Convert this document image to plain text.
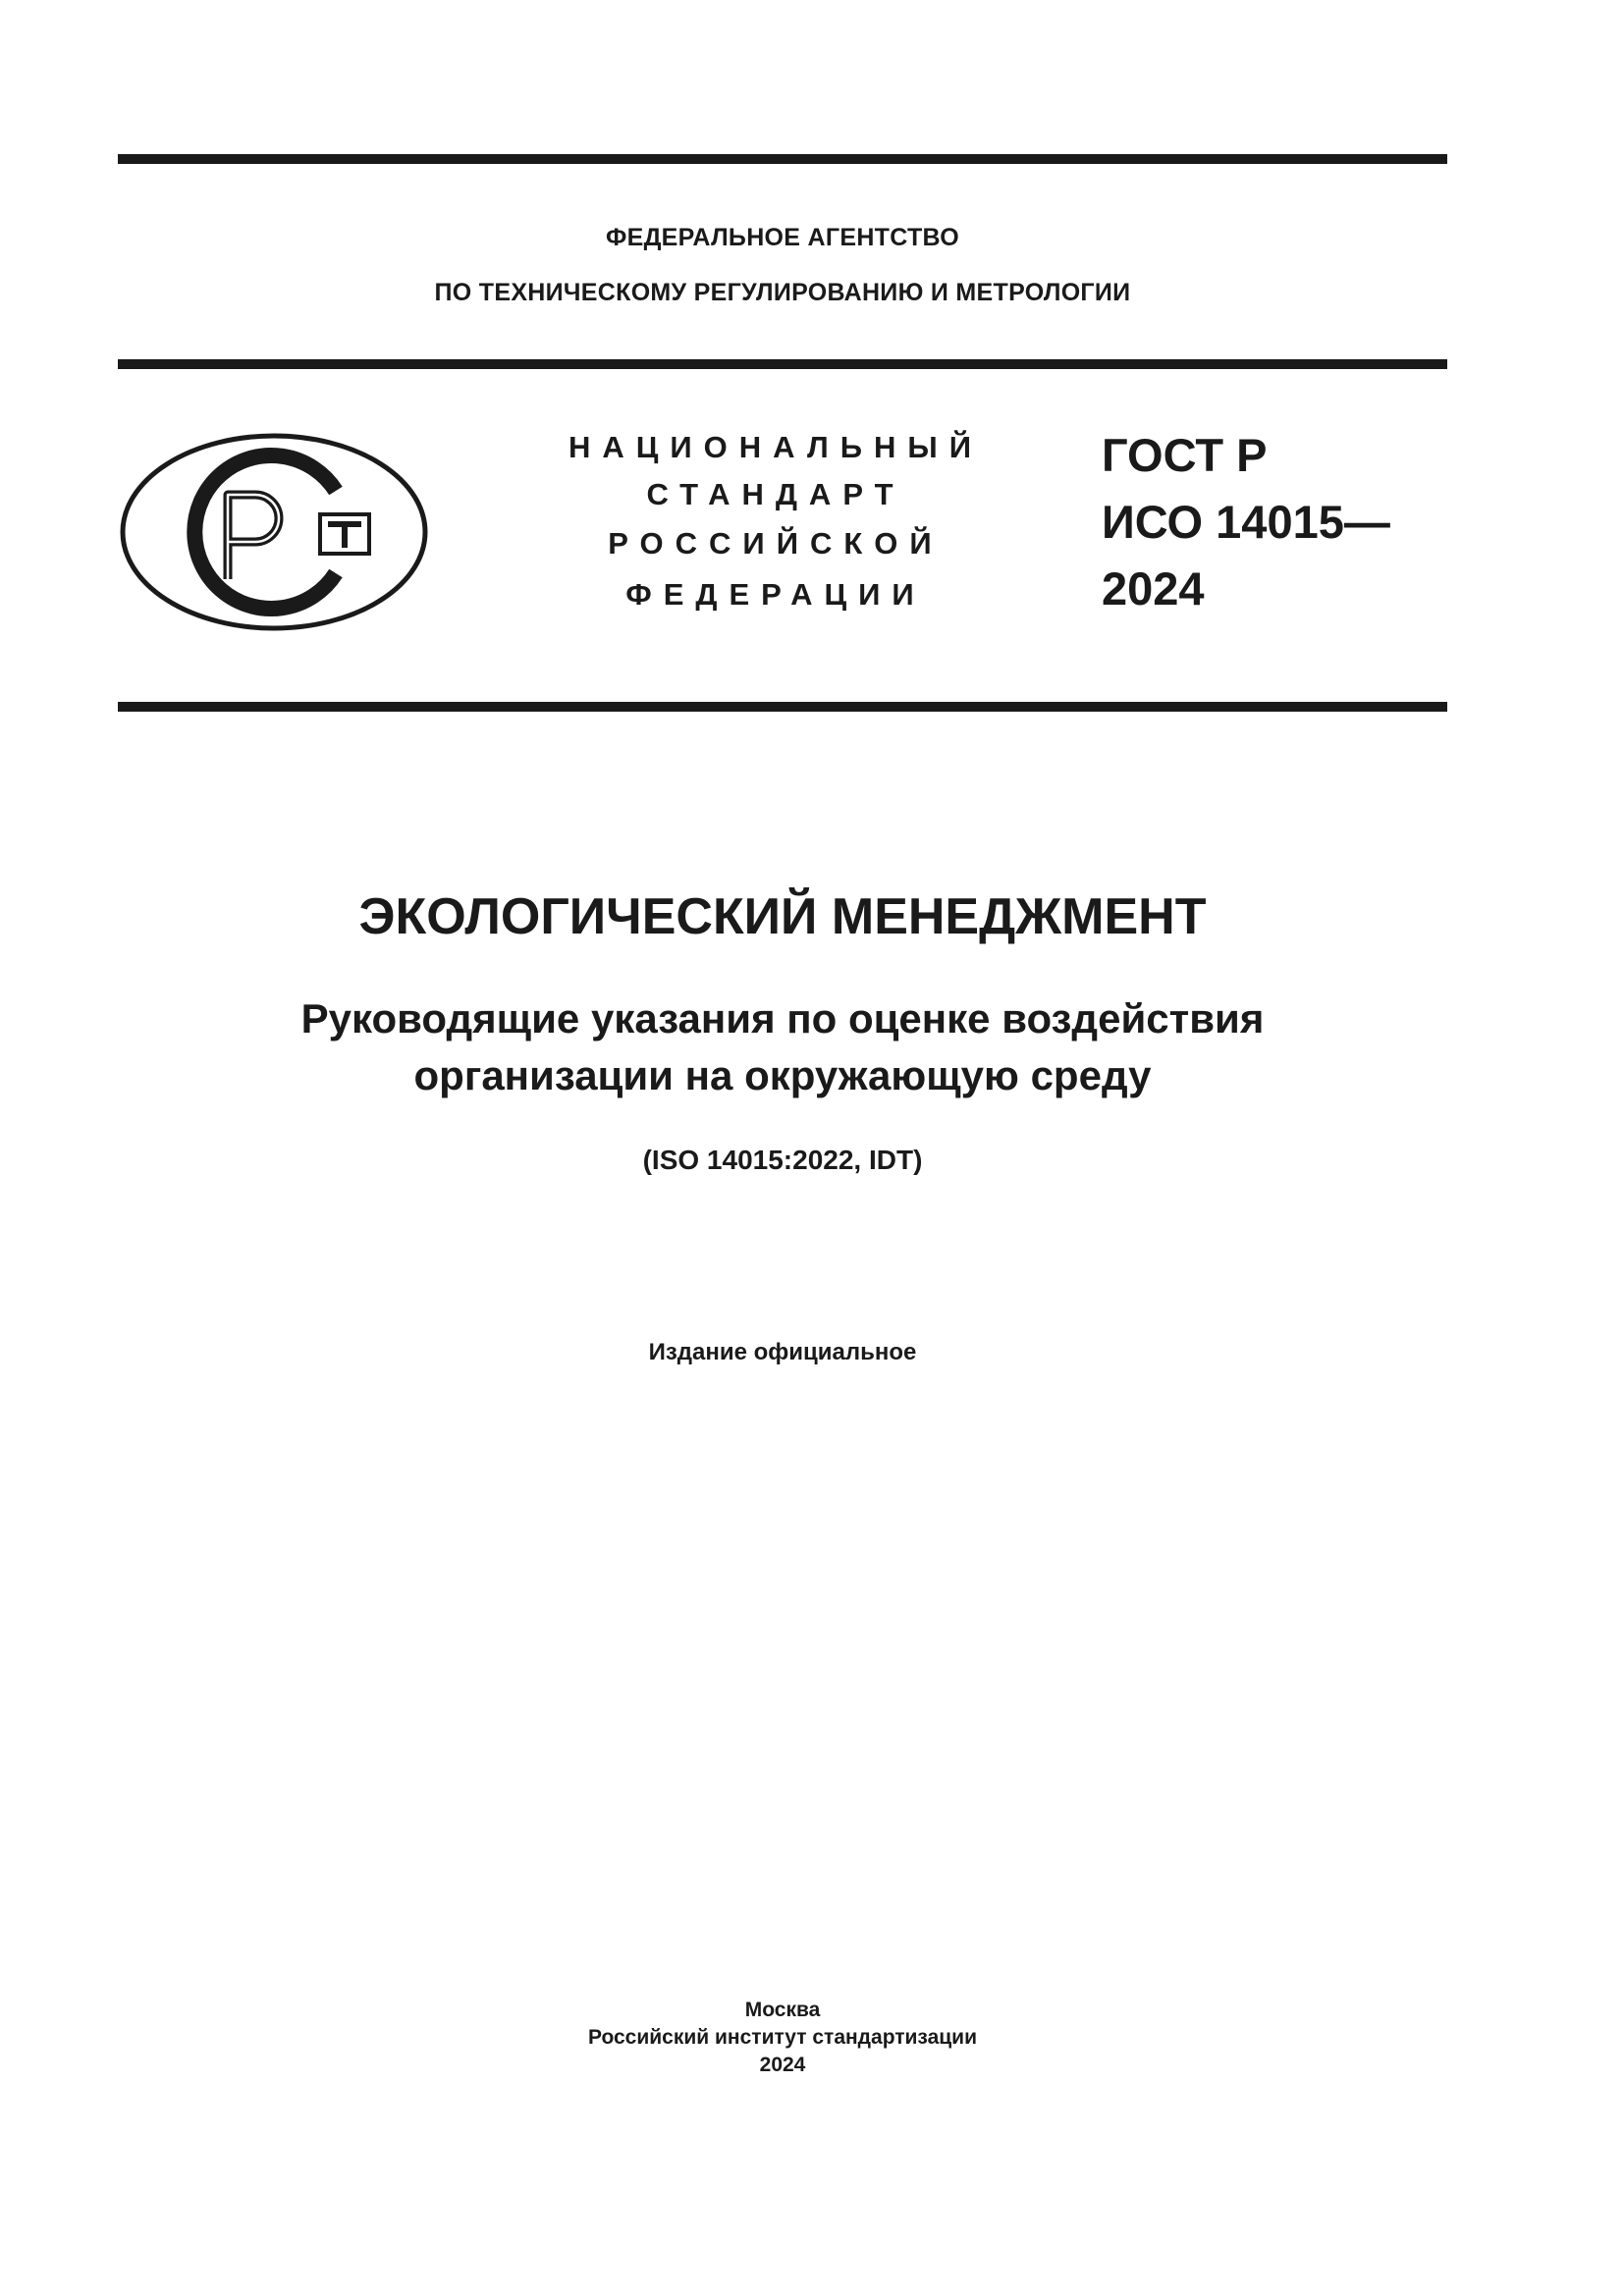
ФЕДЕРАЛЬНОЕ АГЕНТСТВО
ПО ТЕХНИЧЕСКОМУ РЕГУЛИРОВАНИЮ И МЕТРОЛОГИИ
НАЦИОНАЛЬНЫЙ
СТАНДАРТ
РОССИЙСКОЙ
ФЕДЕРАЦИИ
ГОСТ Р
ИСО 14015—
2024
ЭКОЛОГИЧЕСКИЙ МЕНЕДЖМЕНТ
Руководящие указания по оценке воздействия
организации на окружающую среду
(ISO 14015:2022, IDT)
Издание официальное
Москва
Российский институт стандартизации
2024
